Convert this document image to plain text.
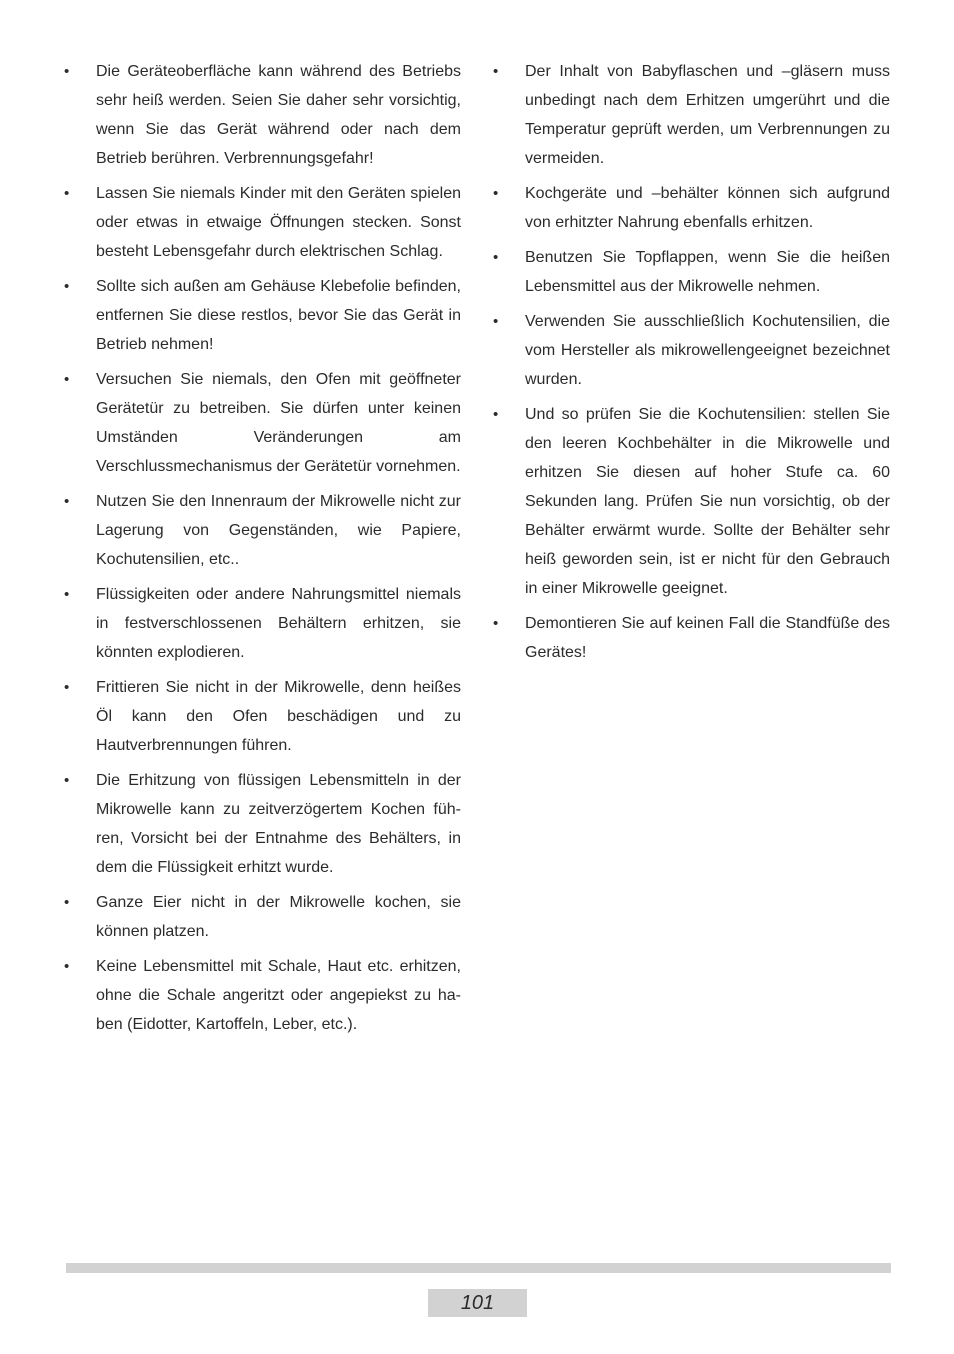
• Die Geräteoberfläche kann während des Betriebs sehr heiß werden. Seien Sie daher sehr vorsichtig, wenn Sie das Gerät während oder nach dem Betrieb berühren. Verbrennungsgefahr!
• Lassen Sie niemals Kinder mit den Geräten spielen oder etwas in etwaige Öffnungen stecken. Sonst besteht Lebensgefahr durch elektrischen Schlag.
• Sollte sich außen am Gehäuse Klebefolie befinden, entfernen Sie diese restlos, bevor Sie das Gerät in Betrieb nehmen!
• Versuchen Sie niemals, den Ofen mit geöffneter Gerätetür zu betreiben. Sie dürfen unter keinen Umständen Veränderungen am Verschlussmechanismus der Gerätetür vornehmen.
• Nutzen Sie den Innenraum der Mikrowelle nicht zur Lagerung von Gegenständen, wie Papiere, Kochutensilien, etc..
• Flüssigkeiten oder andere Nahrungsmittel niemals in festverschlossenen Behältern erhitzen, sie könnten explodieren.
• Frittieren Sie nicht in der Mikrowelle, denn heißes Öl kann den Ofen beschädigen und zu Hautverbrennungen führen.
• Die Erhitzung von flüssigen Lebensmitteln in der Mikrowelle kann zu zeitverzögertem Kochen führen, Vorsicht bei der Entnahme des Behälters, in dem die Flüssigkeit erhitzt wurde.
• Ganze Eier nicht in der Mikrowelle kochen, sie können platzen.
• Keine Lebensmittel mit Schale, Haut etc. erhitzen, ohne die Schale angeritzt oder angepiekst zu haben (Eidotter, Kartoffeln, Leber, etc.).
• Der Inhalt von Babyflaschen und –gläsern muss unbedingt nach dem Erhitzen umgerührt und die Temperatur geprüft werden, um Verbrennungen zu vermeiden.
• Kochgeräte und –behälter können sich aufgrund von erhitzter Nahrung ebenfalls erhitzen.
• Benutzen Sie Topflappen, wenn Sie die heißen Lebensmittel aus der Mikrowelle nehmen.
• Verwenden Sie ausschließlich Kochutensilien, die vom Hersteller als mikrowellengeeignet bezeichnet wurden.
• Und so prüfen Sie die Kochutensilien: stellen Sie den leeren Kochbehälter in die Mikrowelle und erhitzen Sie diesen auf hoher Stufe ca. 60 Sekunden lang. Prüfen Sie nun vorsichtig, ob der Behälter erwärmt wurde. Sollte der Behälter sehr heiß geworden sein, ist er nicht für den Gebrauch in einer Mikrowelle geeignet.
• Demontieren Sie auf keinen Fall die Standfüße des Gerätes!
101
